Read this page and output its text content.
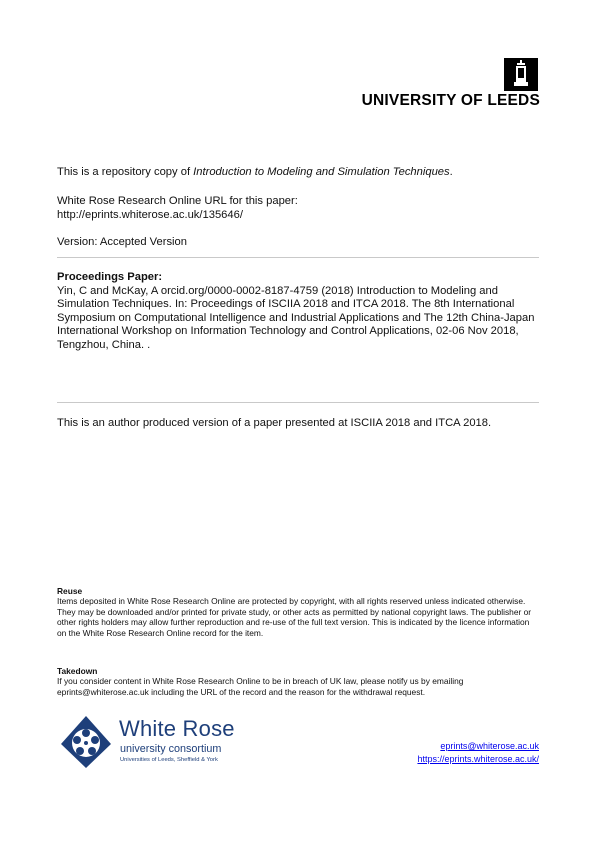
UNIVERSITY OF LEEDS
This is a repository copy of Introduction to Modeling and Simulation Techniques.
White Rose Research Online URL for this paper:
http://eprints.whiterose.ac.uk/135646/
Version: Accepted Version
Proceedings Paper:
Yin, C and McKay, A orcid.org/0000-0002-8187-4759 (2018) Introduction to Modeling and Simulation Techniques. In: Proceedings of ISCIIA 2018 and ITCA 2018. The 8th International Symposium on Computational Intelligence and Industrial Applications and The 12th China-Japan International Workshop on Information Technology and Control Applications, 02-06 Nov 2018, Tengzhou, China. .
This is an author produced version of a paper presented at ISCIIA 2018 and ITCA 2018.
Reuse
Items deposited in White Rose Research Online are protected by copyright, with all rights reserved unless indicated otherwise. They may be downloaded and/or printed for private study, or other acts as permitted by national copyright laws. The publisher or other rights holders may allow further reproduction and re-use of the full text version. This is indicated by the licence information on the White Rose Research Online record for the item.
Takedown
If you consider content in White Rose Research Online to be in breach of UK law, please notify us by emailing eprints@whiterose.ac.uk including the URL of the record and the reason for the withdrawal request.
White Rose
university consortium
Universities of Leeds, Sheffield & York
eprints@whiterose.ac.uk
https://eprints.whiterose.ac.uk/
